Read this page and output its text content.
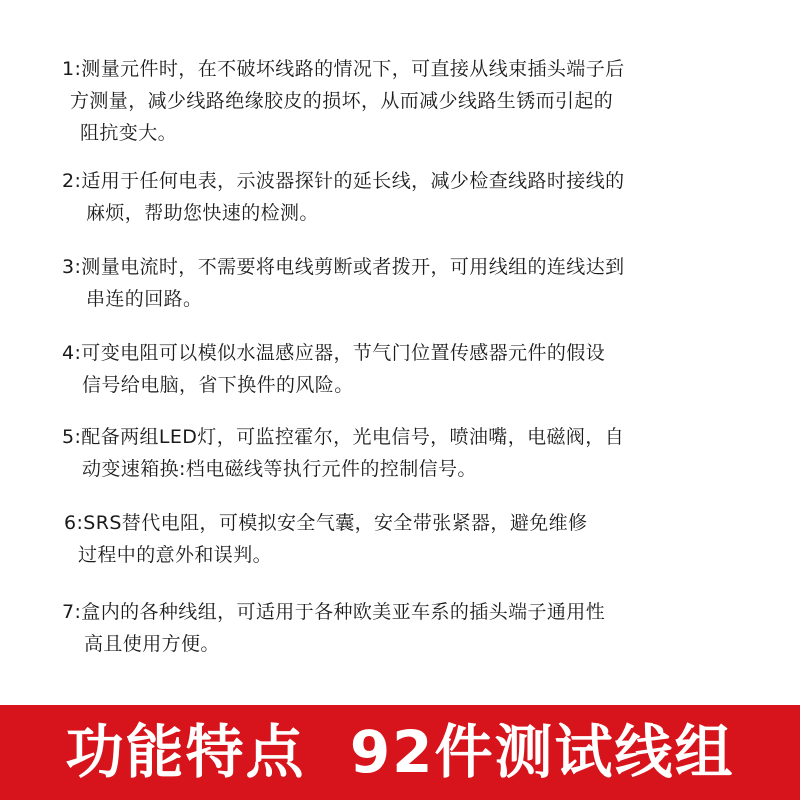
1:测量元件时，在不破坏线路的情况下，可直接从线束插头端子后
方测量，减少线路绝缘胶皮的损坏，从而减少线路生锈而引起的
阻抗变大。
2:适用于任何电表，示波器探针的延长线，减少检查线路时接线的
麻烦，帮助您快速的检测。
3:测量电流时，不需要将电线剪断或者拨开，可用线组的连线达到
串连的回路。
4:可变电阻可以模似水温感应器，节气门位置传感器元件的假设
信号给电脑，省下换件的风险。
5:配备两组LED灯，可监控霍尔，光电信号，喷油嘴，电磁阀，自
动变速箱换:档电磁线等执行元件的控制信号。
6:SRS替代电阻，可模拟安全气囊，安全带张紧器，避免维修
过程中的意外和误判。
7:盒内的各种线组，可适用于各种欧美亚车系的插头端子通用性
高且使用方便。
功能特点  92件测试线组
